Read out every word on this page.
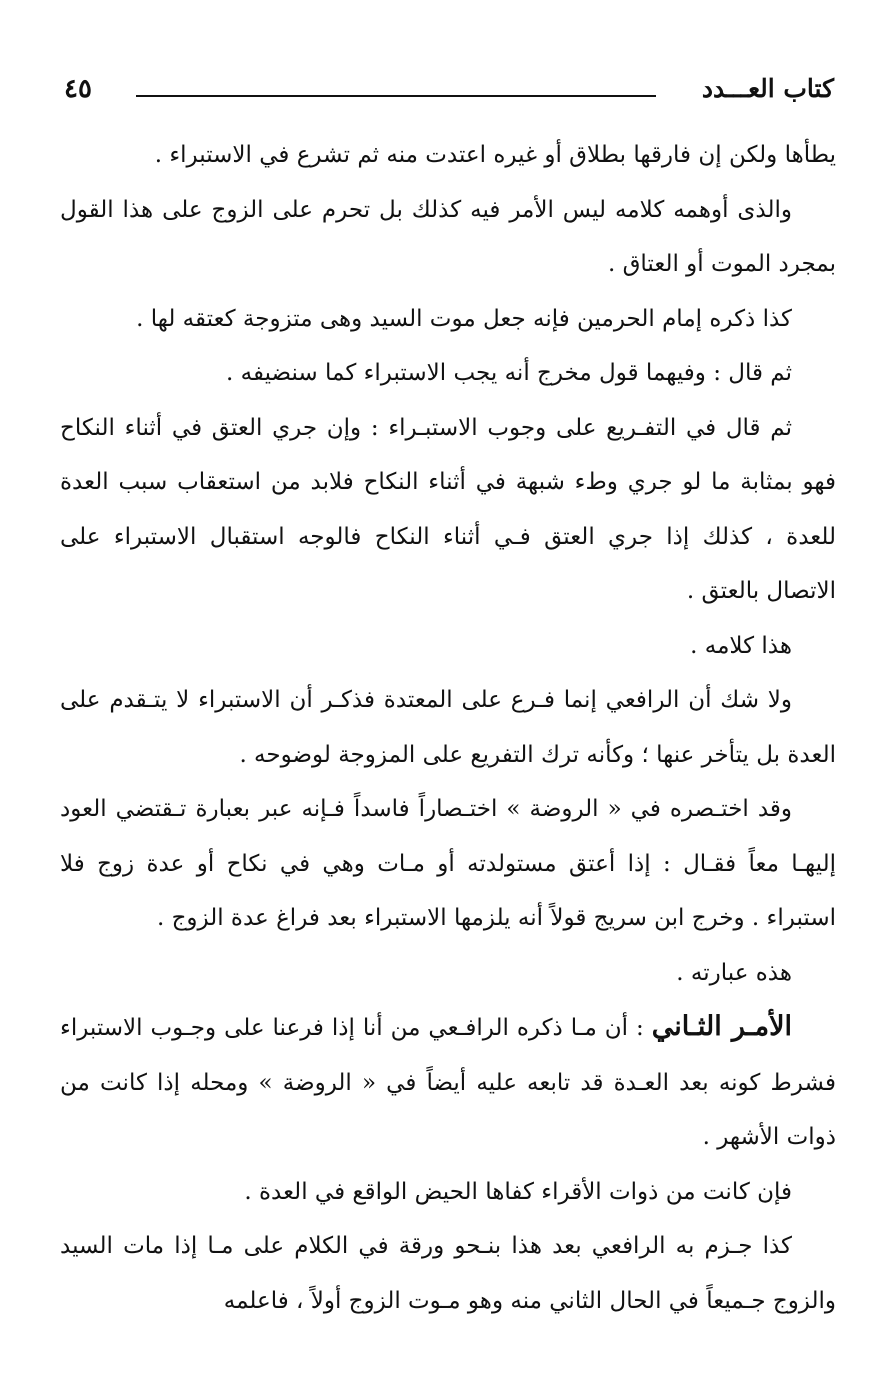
كتاب العـــدد
٤٥

يطأها ولكن إن فارقها بطلاق أو غيره اعتدت منه ثم تشرع في الاستبراء .

والذى أوهمه كلامه ليس الأمر فيه كذلك بل تحرم على الزوج على هذا القول بمجرد الموت أو العتاق .

كذا ذكره إمام الحرمين فإنه جعل موت السيد وهى متزوجة كعتقه لها .

ثم قال : وفيهما قول مخرج أنه يجب الاستبراء كما سنضيفه .

ثم قال في التفـريع على وجوب الاستبـراء : وإن جري العتق في أثناء النكاح فهو بمثابة ما لو جري وطء شبهة في أثناء النكاح فلابد من استعقاب سبب العدة للعدة ، كذلك إذا جري العتق فـي أثناء النكاح فالوجه استقبال الاستبراء على الاتصال بالعتق .

هذا كلامه .

ولا شك أن الرافعي إنما فـرع على المعتدة فذكـر أن الاستبراء لا يتـقدم على العدة بل يتأخر عنها ؛ وكأنه ترك التفريع على المزوجة لوضوحه .

وقد اختـصره في « الروضة » اختـصاراً فاسداً فـإنه عبر بعبارة تـقتضي العود إليهـا معاً فقـال : إذا أعتق مستولدته أو مـات وهي في نكاح أو عدة زوج فلا استبراء . وخرج ابن سريج قولاً أنه يلزمها الاستبراء بعد فراغ عدة الزوج .

هذه عبارته .

الأمـر الثـاني : أن مـا ذكره الرافـعي من أنا إذا فرعنا على وجـوب الاستبراء فشرط كونه بعد العـدة قد تابعه عليه أيضاً في « الروضة » ومحله إذا كانت من ذوات الأشهر .

فإن كانت من ذوات الأقراء كفاها الحيض الواقع في العدة .

كذا جـزم به الرافعي بعد هذا بنـحو ورقة في الكلام على مـا إذا مات السيد والزوج جـميعاً في الحال الثاني منه وهو مـوت الزوج أولاً ، فاعلمه
